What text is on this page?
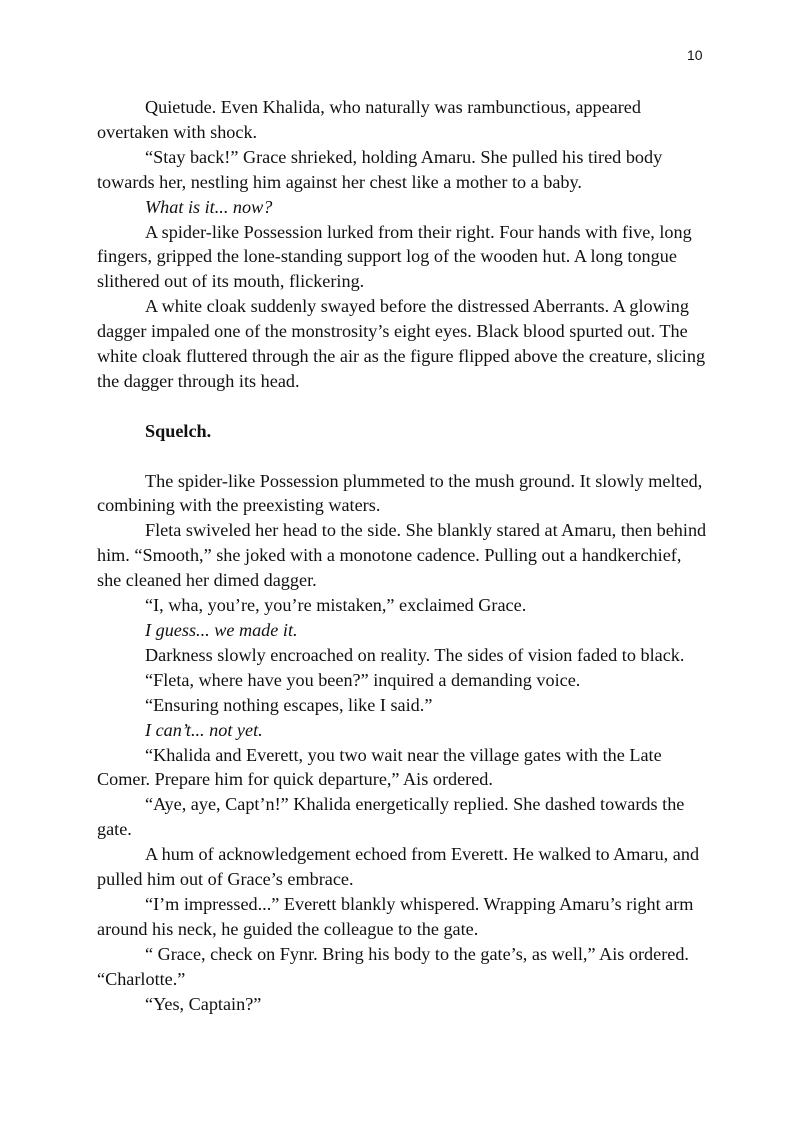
10

Quietude. Even Khalida, who naturally was rambunctious, appeared overtaken with shock.

“Stay back!” Grace shrieked, holding Amaru. She pulled his tired body towards her, nestling him against her chest like a mother to a baby.

What is it... now?

A spider-like Possession lurked from their right. Four hands with five, long fingers, gripped the lone-standing support log of the wooden hut. A long tongue slithered out of its mouth, flickering.

A white cloak suddenly swayed before the distressed Aberrants. A glowing dagger impaled one of the monstrosity’s eight eyes. Black blood spurted out. The white cloak fluttered through the air as the figure flipped above the creature, slicing the dagger through its head.

Squelch.

The spider-like Possession plummeted to the mush ground. It slowly melted, combining with the preexisting waters.

Fleta swiveled her head to the side. She blankly stared at Amaru, then behind him. “Smooth,” she joked with a monotone cadence. Pulling out a handkerchief, she cleaned her dimed dagger.

“I, wha, you’re, you’re mistaken,” exclaimed Grace.

I guess... we made it.

Darkness slowly encroached on reality. The sides of vision faded to black.

“Fleta, where have you been?” inquired a demanding voice.

“Ensuring nothing escapes, like I said.”

I can’t... not yet.

“Khalida and Everett, you two wait near the village gates with the Late Comer. Prepare him for quick departure,” Ais ordered.

“Aye, aye, Capt’n!” Khalida energetically replied. She dashed towards the gate.

A hum of acknowledgement echoed from Everett. He walked to Amaru, and pulled him out of Grace’s embrace.

“I’m impressed...” Everett blankly whispered. Wrapping Amaru’s right arm around his neck, he guided the colleague to the gate.

“ Grace, check on Fynr. Bring his body to the gate’s, as well,” Ais ordered. “Charlotte.”

“Yes, Captain?”
